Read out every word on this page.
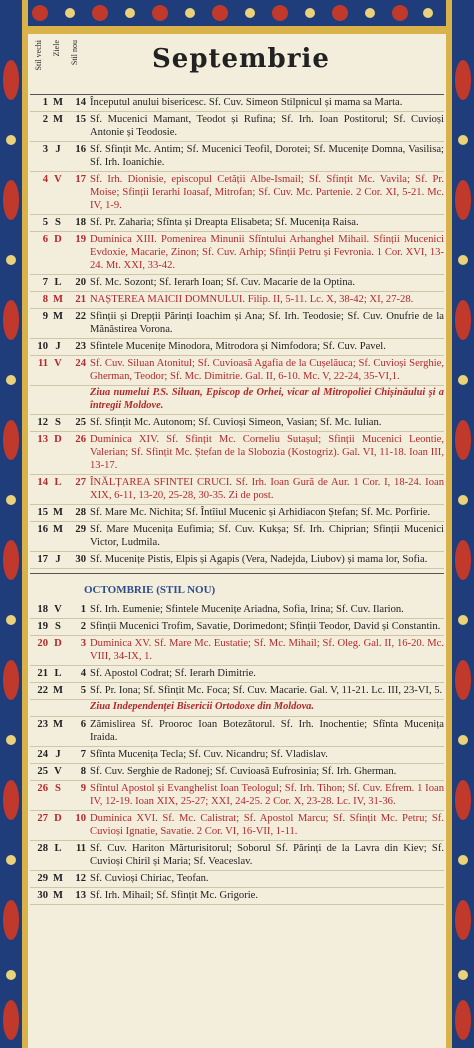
Stil vechi Ziele Stil nou	Septembrie
1 M	14 Începutul anului bisericesc. Sf. Cuv. Simeon Stilpnicul și mama sa Marta.
2 M	15 Sf. Mucenici Mamant, Teodot și Rufina; Sf. Irh. Ioan Postitorul; Sf. Cuvioși Antonie și Teodosie.
3 J	16 Sf. Sfințit Mc. Antim; Sf. Mucenici Teofil, Dorotei; Sf. Mucenițe Domna, Vasilisa; Sf. Irh. Ioanichie.
4 V	17 Sf. Irh. Dionisie, episcopul Cetății Albe-Ismail; Sf. Sfințit Mc. Vavila; Sf. Pr. Moise; Sfinții Ierarhi Ioasaf, Mitrofan; Sf. Cuv. Mc. Partenie. 2 Cor. XI, 5-21. Mc. IV, 1-9.
5 S	18 Sf. Pr. Zaharia; Sfînta și Dreapta Elisabeta; Sf. Mucenița Raisa.
6 D	19 Duminica XIII. Pomenirea Minunii Sfîntului Arhanghel Mihail. Sfinții Mucenici Evdoxie, Macarie, Zinon; Sf. Cuv. Arhip; Sfinții Petru și Fevronia. 1 Cor. XVI, 13-24. Mt. XXI, 33-42.
7 L	20 Sf. Mc. Sozont; Sf. Ierarh Ioan; Sf. Cuv. Macarie de la Optina.
8 M	21 NAȘTEREA MAICII DOMNULUI. Filip. II, 5-11. Lc. X, 38-42; XI, 27-28.
9 M	22 Sfinții și Drepții Părinți Ioachim și Ana; Sf. Irh. Teodosie; Sf. Cuv. Onufrie de la Mănăstirea Vorona.
10 J	23 Sfintele Mucenițe Minodora, Mitrodora și Nimfodora; Sf. Cuv. Pavel.
11 V	24 Sf. Cuv. Siluan Atonitul; Sf. Cuvioasă Agafia de la Cușelăuca; Sf. Cuvioși Serghie, Gherman, Teodor; Sf. Mc. Dimitrie. Gal. II, 6-10. Mc. V, 22-24, 35-VI,1.
Ziua numelui P.S. Siluan, Episcop de Orhei, vicar al Mitropoliei Chișinăului și a întregii Moldove.
12 S	25 Sf. Sfințit Mc. Autonom; Sf. Cuvioși Simeon, Vasian; Sf. Mc. Iulian.
13 D	26 Duminica XIV. Sf. Sfințit Mc. Corneliu Sutașul; Sfinții Mucenici Leontie, Valerian; Sf. Sfințit Mc. Ștefan de la Slobozia (Kostogriz). Gal. VI, 11-18. Ioan III, 13-17.
14 L	27 ÎNĂLȚAREA SFINTEI CRUCI. Sf. Irh. Ioan Gură de Aur. 1 Cor. I, 18-24. Ioan XIX, 6-11, 13-20, 25-28, 30-35. Zi de post.
15 M	28 Sf. Mare Mc. Nichita; Sf. Întîiul Mucenic și Arhidiacon Ștefan; Sf. Mc. Porfirie.
16 M	29 Sf. Mare Mucenița Eufimia; Sf. Cuv. Kukșa; Sf. Irh. Chiprian; Sfinții Mucenici Victor, Ludmila.
17 J	30 Sf. Mucenițe Pistis, Elpis și Agapis (Vera, Nadejda, Liubov) și mama lor, Sofia.
OCTOMBRIE (STIL NOU)
18 V	1 Sf. Irh. Eumenie; Sfintele Mucenițe Ariadna, Sofia, Irina; Sf. Cuv. Ilarion.
19 S	2 Sfinții Mucenici Trofim, Savatie, Dorimedont; Sfinții Teodor, David și Constantin.
20 D	3 Duminica XV. Sf. Mare Mc. Eustatie; Sf. Mc. Mihail; Sf. Oleg. Gal. II, 16-20. Mc. VIII, 34-IX, 1.
21 L	4 Sf. Apostol Codrat; Sf. Ierarh Dimitrie.
22 M	5 Sf. Pr. Iona; Sf. Sfințit Mc. Foca; Sf. Cuv. Macarie. Gal. V, 11-21. Lc. III, 23-VI, 5.
Ziua Independenței Bisericii Ortodoxe din Moldova.
23 M	6 Zămislirea Sf. Prooroc Ioan Botezătorul. Sf. Irh. Inochentie; Sfînta Mucenița Iraida.
24 J	7 Sfînta Mucenița Tecla; Sf. Cuv. Nicandru; Sf. Vladislav.
25 V	8 Sf. Cuv. Serghie de Radonej; Sf. Cuvioasă Eufrosinia; Sf. Irh. Gherman.
26 S	9 Sfîntul Apostol și Evanghelist Ioan Teologul; Sf. Irh. Tihon; Sf. Cuv. Efrem. 1 Ioan IV, 12-19. Ioan XIX, 25-27; XXI, 24-25. 2 Cor. X, 23-28. Lc. IV, 31-36.
27 D	10 Duminica XVI. Sf. Mc. Calistrat; Sf. Apostol Marcu; Sf. Sfințit Mc. Petru; Sf. Cuvioși Ignatie, Savatie. 2 Cor. VI, 16-VII, 1-11.
28 L	11 Sf. Cuv. Hariton Mărturisitorul; Soborul Sf. Părinți de la Lavra din Kiev; Sf. Cuvioși Chiril și Maria; Sf. Veaceslav.
29 M	12 Sf. Cuvioși Chiriac, Teofan.
30 M	13 Sf. Irh. Mihail; Sf. Sfințit Mc. Grigorie.
